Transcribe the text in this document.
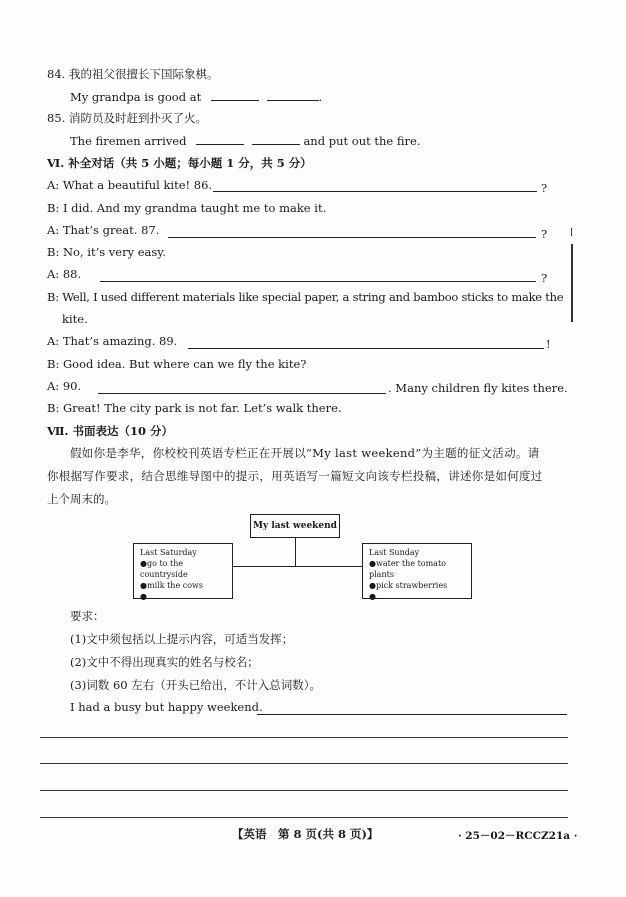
84. 我的祖父很擅长下国际象棋。
My grandpa is good at	.
85. 消防员及时赶到扑灭了火。
The firemen arrived	and put out the fire.
Ⅵ. 补全对话（共 5 小题；每小题 1 分，共 5 分）
A: What a beautiful kite! 86.	?
B: I did. And my grandma taught me to make it.
A: That’s great. 87.	?
B: No, it’s very easy.
A: 88.	?
B: Well, I used different materials like special paper, a string and bamboo sticks to make the
kite.
A: That’s amazing. 89.	!
B: Good idea. But where can we fly the kite?
A: 90.	. Many children fly kites there.
B: Great! The city park is not far. Let’s walk there.
Ⅶ. 书面表达（10 分）
假如你是李华，你校校刊英语专栏正在开展以“My last weekend”为主题的征文活动。请
你根据写作要求，结合思维导图中的提示，用英语写一篇短文向该专栏投稿，讲述你是如何度过
上个周末的。
My last weekend
Last Saturday
●go to the countryside
●milk the cows
●...
Last Sunday
●water the tomato plants
●pick strawberries
●...
要求：
(1)文中须包括以上提示内容，可适当发挥；
(2)文中不得出现真实的姓名与校名；
(3)词数 60 左右（开头已给出，不计入总词数）。
I had a busy but happy weekend.
【英语　第 8 页(共 8 页)】	· 25－02－RCCZ21a ·
